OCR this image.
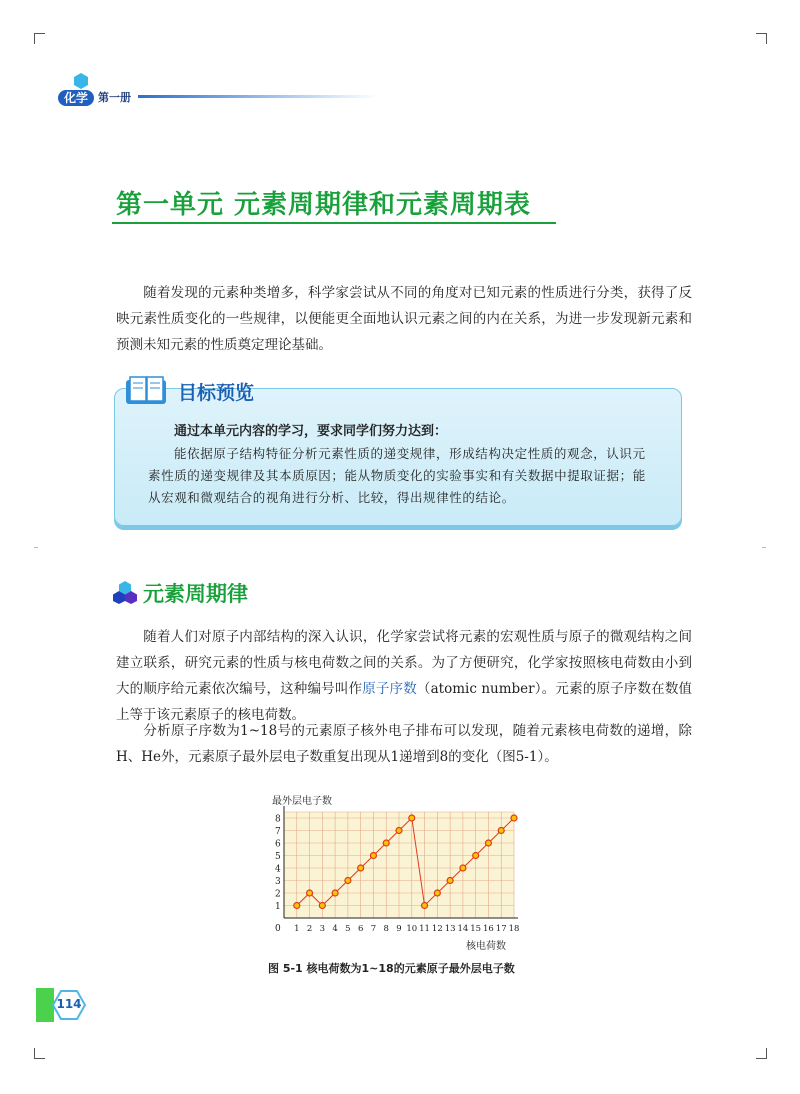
化学 第一册
第一单元 元素周期律和元素周期表
随着发现的元素种类增多，科学家尝试从不同的角度对已知元素的性质进行分类，获得了反映元素性质变化的一些规律，以便能更全面地认识元素之间的内在关系，为进一步发现新元素和预测未知元素的性质奠定理论基础。
目标预览
通过本单元内容的学习，要求同学们努力达到：
能依据原子结构特征分析元素性质的递变规律，形成结构决定性质的观念，认识元素性质的递变规律及其本质原因；能从物质变化的实验事实和有关数据中提取证据；能从宏观和微观结合的视角进行分析、比较，得出规律性的结论。
元素周期律
随着人们对原子内部结构的深入认识，化学家尝试将元素的宏观性质与原子的微观结构之间建立联系，研究元素的性质与核电荷数之间的关系。为了方便研究，化学家按照核电荷数由小到大的顺序给元素依次编号，这种编号叫作原子序数（atomic number）。元素的原子序数在数值上等于该元素原子的核电荷数。
分析原子序数为1~18号的元素原子核外电子排布可以发现，随着元素核电荷数的递增，除H、He外，元素原子最外层电子数重复出现从1递增到8的变化（图5-1）。
最外层电子数
核电荷数
0
1
2
3
4
5
6
7
8
1 2 3 4 5 6 7 8 9 10 11 12 13 14 15 16 17 18
图 5-1 核电荷数为1~18的元素原子最外层电子数
114
